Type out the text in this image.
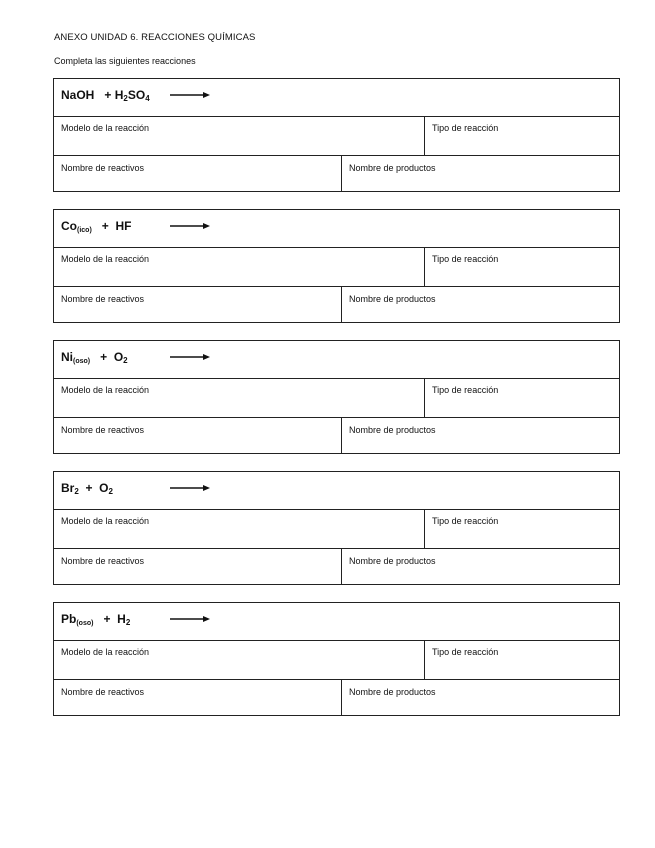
ANEXO UNIDAD 6. REACCIONES QUÍMICAS
Completa las siguientes reacciones
NaOH + $H_2SO_4$ →
Modelo de la reacción	Tipo de reacción
Nombre de reactivos	Nombre de productos
Co(ico) + HF
Modelo de la reacción	Tipo de reacción
Nombre de reactivos	Nombre de productos
$Ni(oso) + O_2$
Modelo de la reacción	Tipo de reacción
Nombre de reactivos	Nombre de productos
$Br_2 + O_2$
Modelo de la reacción	Tipo de reacción
Nombre de reactivos	Nombre de productos
$Pb(oso) + H_2$
Modelo de la reacción	Tipo de reacción
Nombre de reactivos	Nombre de productos
